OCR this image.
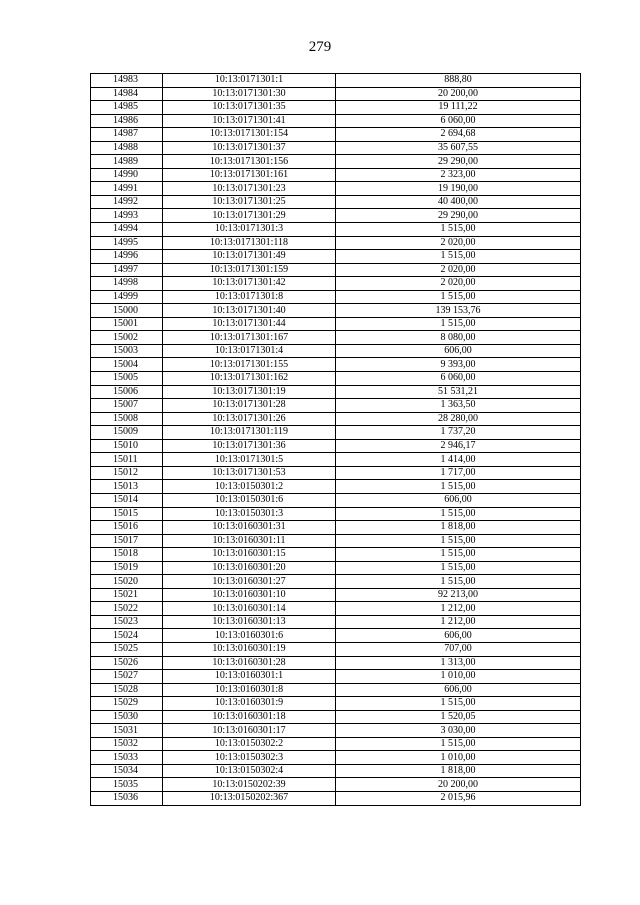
279
14983	10:13:0171301:1	888,80
14984	10:13:0171301:30	20 200,00
14985	10:13:0171301:35	19 111,22
14986	10:13:0171301:41	6 060,00
14987	10:13:0171301:154	2 694,68
14988	10:13:0171301:37	35 607,55
14989	10:13:0171301:156	29 290,00
14990	10:13:0171301:161	2 323,00
14991	10:13:0171301:23	19 190,00
14992	10:13:0171301:25	40 400,00
14993	10:13:0171301:29	29 290,00
14994	10:13:0171301:3	1 515,00
14995	10:13:0171301:118	2 020,00
14996	10:13:0171301:49	1 515,00
14997	10:13:0171301:159	2 020,00
14998	10:13:0171301:42	2 020,00
14999	10:13:0171301:8	1 515,00
15000	10:13:0171301:40	139 153,76
15001	10:13:0171301:44	1 515,00
15002	10:13:0171301:167	8 080,00
15003	10:13:0171301:4	606,00
15004	10:13:0171301:155	9 393,00
15005	10:13:0171301:162	6 060,00
15006	10:13:0171301:19	51 531,21
15007	10:13:0171301:28	1 363,50
15008	10:13:0171301:26	28 280,00
15009	10:13:0171301:119	1 737,20
15010	10:13:0171301:36	2 946,17
15011	10:13:0171301:5	1 414,00
15012	10:13:0171301:53	1 717,00
15013	10:13:0150301:2	1 515,00
15014	10:13:0150301:6	606,00
15015	10:13:0150301:3	1 515,00
15016	10:13:0160301:31	1 818,00
15017	10:13:0160301:11	1 515,00
15018	10:13:0160301:15	1 515,00
15019	10:13:0160301:20	1 515,00
15020	10:13:0160301:27	1 515,00
15021	10:13:0160301:10	92 213,00
15022	10:13:0160301:14	1 212,00
15023	10:13:0160301:13	1 212,00
15024	10:13:0160301:6	606,00
15025	10:13:0160301:19	707,00
15026	10:13:0160301:28	1 313,00
15027	10:13:0160301:1	1 010,00
15028	10:13:0160301:8	606,00
15029	10:13:0160301:9	1 515,00
15030	10:13:0160301:18	1 520,05
15031	10:13:0160301:17	3 030,00
15032	10:13:0150302:2	1 515,00
15033	10:13:0150302:3	1 010,00
15034	10:13:0150302:4	1 818,00
15035	10:13:0150202:39	20 200,00
15036	10:13:0150202:367	2 015,96
